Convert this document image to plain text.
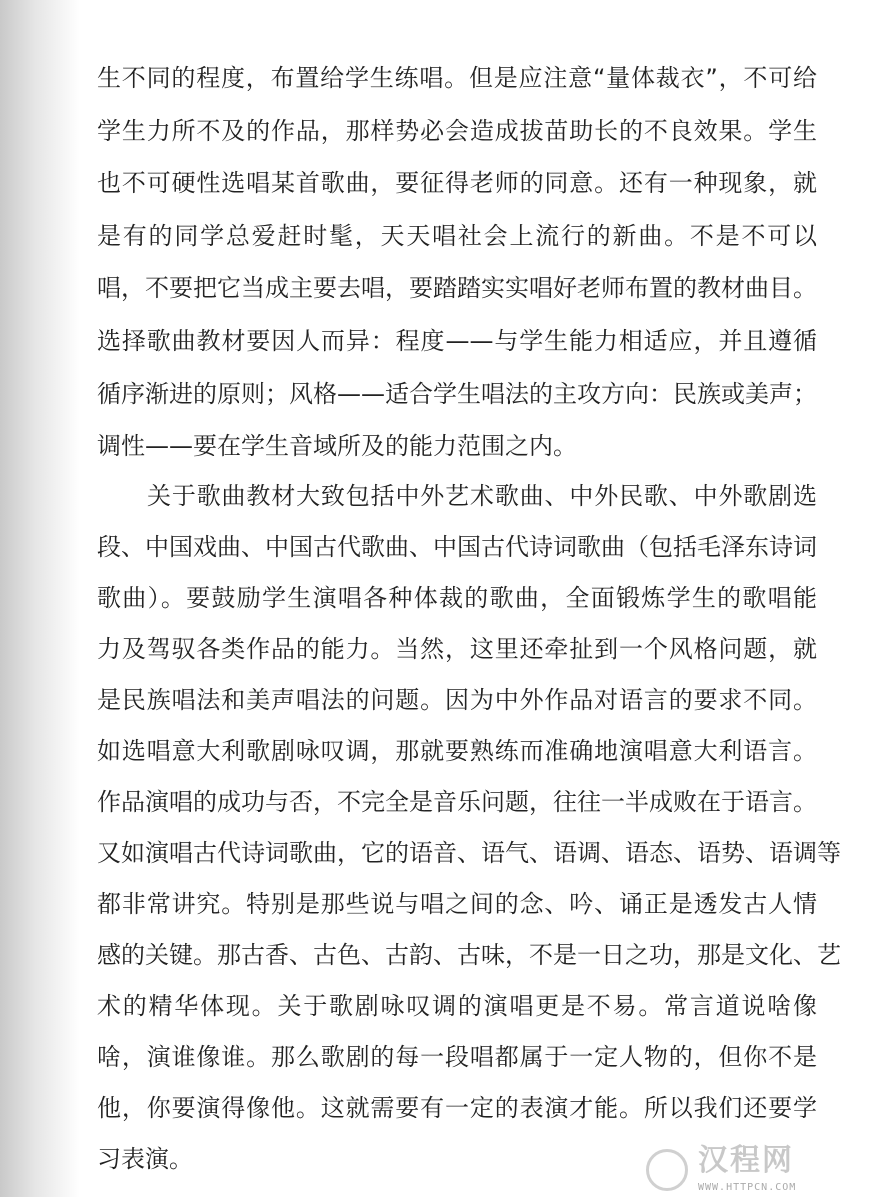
生不同的程度，布置给学生练唱。但是应注意“量体裁衣”，不可给
学生力所不及的作品，那样势必会造成拔苗助长的不良效果。学生
也不可硬性选唱某首歌曲，要征得老师的同意。还有一种现象，就
是有的同学总爱赶时髦，天天唱社会上流行的新曲。不是不可以
唱，不要把它当成主要去唱，要踏踏实实唱好老师布置的教材曲目。
选择歌曲教材要因人而异：程度——与学生能力相适应，并且遵循
循序渐进的原则；风格——适合学生唱法的主攻方向：民族或美声；
调性——要在学生音域所及的能力范围之内。
关于歌曲教材大致包括中外艺术歌曲、中外民歌、中外歌剧选
段、中国戏曲、中国古代歌曲、中国古代诗词歌曲（包括毛泽东诗词
歌曲）。要鼓励学生演唱各种体裁的歌曲，全面锻炼学生的歌唱能
力及驾驭各类作品的能力。当然，这里还牵扯到一个风格问题，就
是民族唱法和美声唱法的问题。因为中外作品对语言的要求不同。
如选唱意大利歌剧咏叹调，那就要熟练而准确地演唱意大利语言。
作品演唱的成功与否，不完全是音乐问题，往往一半成败在于语言。
又如演唱古代诗词歌曲，它的语音、语气、语调、语态、语势、语调等
都非常讲究。特别是那些说与唱之间的念、吟、诵正是透发古人情
感的关键。那古香、古色、古韵、古味，不是一日之功，那是文化、艺
术的精华体现。关于歌剧咏叹调的演唱更是不易。常言道说啥像
啥，演谁像谁。那么歌剧的每一段唱都属于一定人物的，但你不是
他，你要演得像他。这就需要有一定的表演才能。所以我们还要学
习表演。	汉程网
WWW.HTTPCN.COM
